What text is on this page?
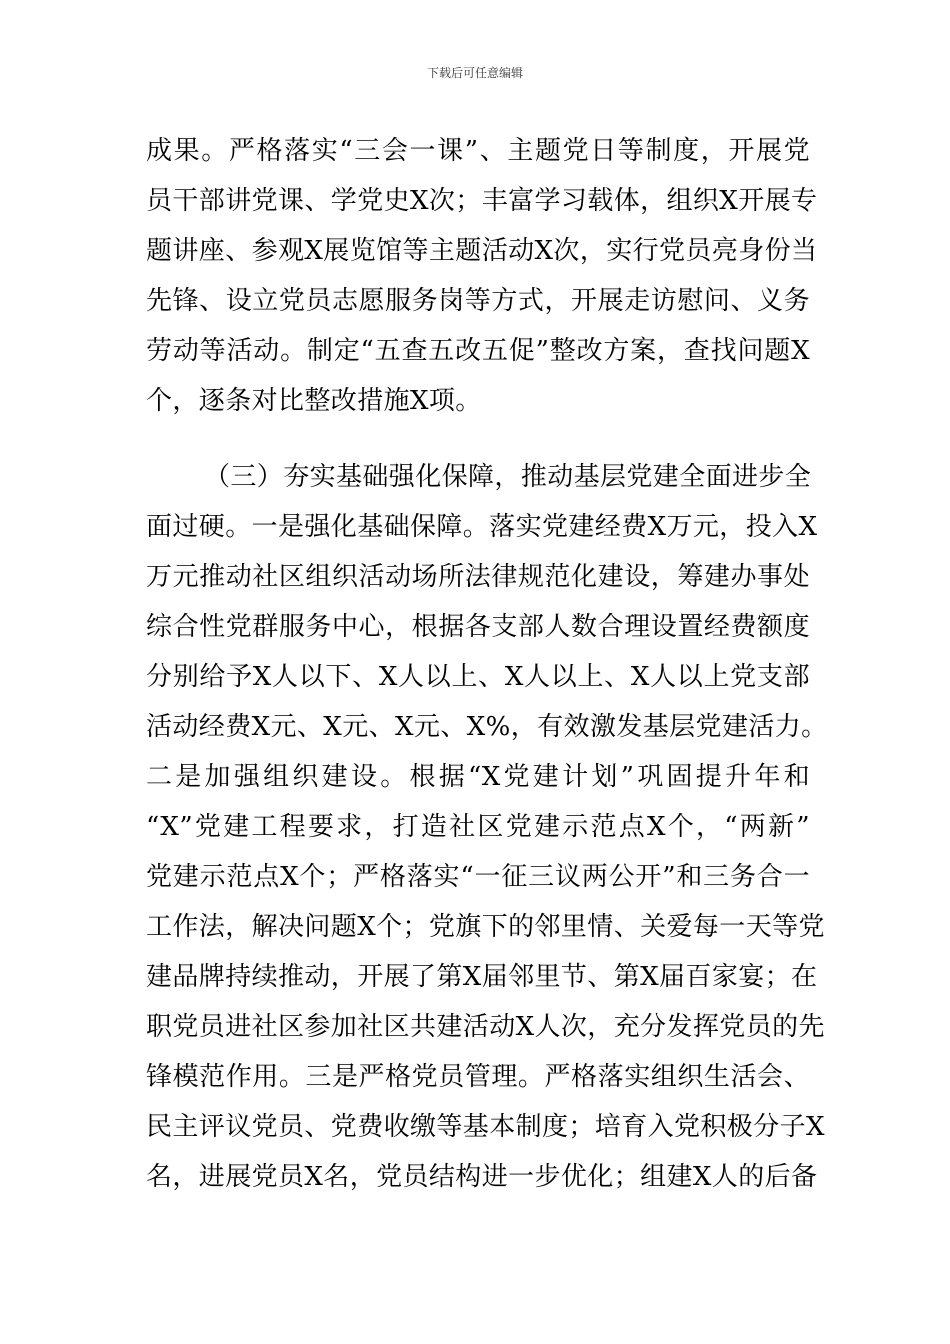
下载后可任意编辑
成果。严格落实“三会一课”、主题党日等制度，开展党
员干部讲党课、学党史X次；丰富学习载体，组织X开展专
题讲座、参观X展览馆等主题活动X次，实行党员亮身份当
先锋、设立党员志愿服务岗等方式，开展走访慰问、义务
劳动等活动。制定“五查五改五促”整改方案，查找问题X
个，逐条对比整改措施X项。
（三）夯实基础强化保障，推动基层党建全面进步全
面过硬。一是强化基础保障。落实党建经费X万元，投入X
万元推动社区组织活动场所法律规范化建设，筹建办事处
综合性党群服务中心，根据各支部人数合理设置经费额度
分别给予X人以下、X人以上、X人以上、X人以上党支部
活动经费X元、X元、X元、X%，有效激发基层党建活力。
二是加强组织建设。根据“X党建计划”巩固提升年和
“X”党建工程要求，打造社区党建示范点X个，“两新”
党建示范点X个；严格落实“一征三议两公开”和三务合一
工作法，解决问题X个；党旗下的邻里情、关爱每一天等党
建品牌持续推动，开展了第X届邻里节、第X届百家宴；在
职党员进社区参加社区共建活动X人次，充分发挥党员的先
锋模范作用。三是严格党员管理。严格落实组织生活会、
民主评议党员、党费收缴等基本制度；培育入党积极分子X
名，进展党员X名，党员结构进一步优化；组建X人的后备
